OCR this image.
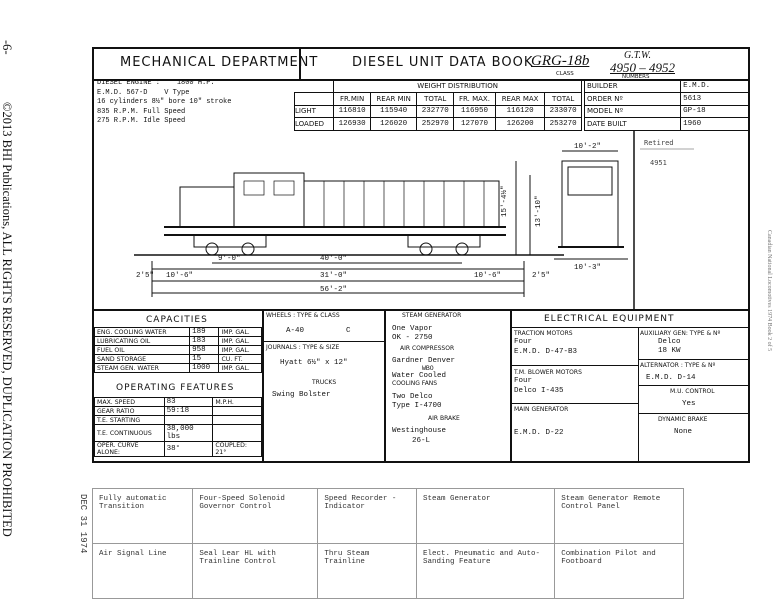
-6-
©2013 BHI Publications, ALL RIGHTS RESERVED, DUPLICATION PROHIBITED	Canadian National Locomotives 1974 Book 2 of 5
MECHANICAL DEPARTMENT	DIESEL UNIT DATA BOOK
GRG-18b
CLASS
G.T.W.
4950 – 4952
NUMBERS
DIESEL ENGINE : 1800 H.P.
E.M.D. 567-D V Type
16 cylinders 8½" bore 10" stroke
835 R.P.M. Full Speed
275 R.P.M. Idle Speed
	WEIGHT DISTRIBUTION					
	FR.MIN	REAR MIN	TOTAL	FR. MAX.	REAR MAX	TOTAL
LIGHT	116810	115940	232770	116950	116120	233070
LOADED	126930	126020	252970	127070	126200	253270
BUILDER	E.M.D.
ORDER Nº	5613
MODEL Nº	GP-18
DATE BUILT	1960
40'-0"
31'-0"
56'-2"
10'-6"	10'-6"
9'-0"
2'5"	2'5"
15'-4½"	13'-10"
10'-2"
10'-3"
Retired
4951
CAPACITIES
ENG. COOLING WATER	189	IMP. GAL.
LUBRICATING OIL	183	IMP. GAL.
FUEL OIL	958	IMP. GAL.
SAND STORAGE	15	CU. FT.
STEAM GEN. WATER	1000	IMP. GAL.
OPERATING FEATURES
MAX. SPEED	83	M.P.H.
GEAR RATIO	59:18	
T.E. STARTING		
T.E. CONTINUOUS	38,000 lbs	
OPER. CURVE ALONE:	38°	COUPLED: 21°
WHEELS : TYPE & CLASS
A-40	C
JOURNALS : TYPE & SIZE
Hyatt 6½" x 12"
TRUCKS
Swing Bolster
STEAM GENERATOR
One Vapor
OK - 2750
AIR COMPRESSOR
Gardner Denver
WBO
Water Cooled
COOLING FANS
Two Delco
Type I-4700
AIR BRAKE
Westinghouse
26-L
ELECTRICAL EQUIPMENT
TRACTION MOTORS
Four
E.M.D. D-47-B3
AUXILIARY GEN: TYPE & Nº
Delco
18 KW
ALTERNATOR : TYPE & Nº
E.M.D. D-14
T.M. BLOWER MOTORS
Four
Delco I-435	M.U. CONTROL
Yes
MAIN GENERATOR
E.M.D. D-22
DYNAMIC BRAKE
None
DEC 31 1974 Fully automatic Transition	Four-Speed Solenoid Governor Control	Speed Recorder - Indicator	Steam Generator	Steam Generator Remote Control Panel
Air Signal Line	Seal Lear HL with Trainline Control	Thru Steam Trainline	Elect. Pneumatic and Auto-Sanding Feature	Combination Pilot and Footboard
